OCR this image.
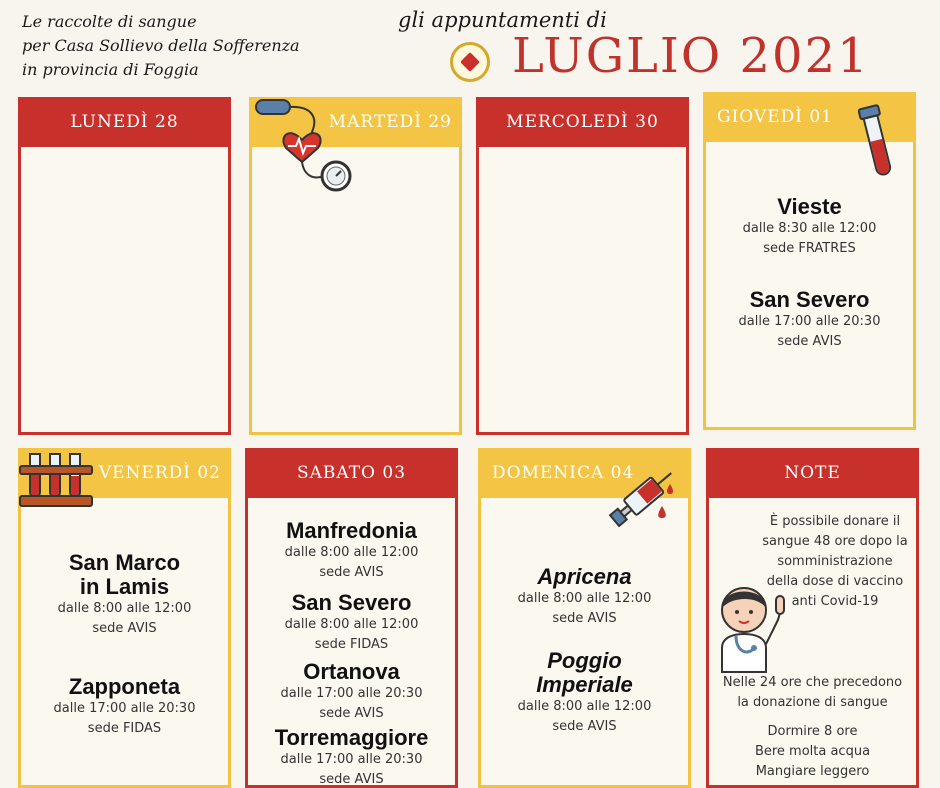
Le raccolte di sangue
per Casa Sollievo della Sofferenza
in provincia di Foggia
gli appuntamenti di
LUGLIO 2021
LUNEDÌ 28	MARTEDÌ 29	MERCOLEDÌ 30	GIOVEDÌ 01
Vieste
dalle 8:30 alle 12:00
sede FRATRES
San Severo
dalle 17:00 alle 20:30
sede AVIS
VENERDÌ 02
San Marco
in Lamis
dalle 8:00 alle 12:00
sede AVIS
Zapponeta
dalle 17:00 alle 20:30
sede FIDAS
SABATO 03
Manfredonia
dalle 8:00 alle 12:00
sede AVIS
San Severo
dalle 8:00 alle 12:00
sede FIDAS
Ortanova
dalle 17:00 alle 20:30
sede AVIS
Torremaggiore
dalle 17:00 alle 20:30
sede AVIS
DOMENICA 04
Apricena
dalle 8:00 alle 12:00
sede AVIS
Poggio
Imperiale
dalle 8:00 alle 12:00
sede AVIS
NOTE
È possibile donare il
sangue 48 ore dopo la
somministrazione
della dose di vaccino
anti Covid-19
Nelle 24 ore che precedono
la donazione di sangue
Dormire 8 ore
Bere molta acqua
Mangiare leggero
